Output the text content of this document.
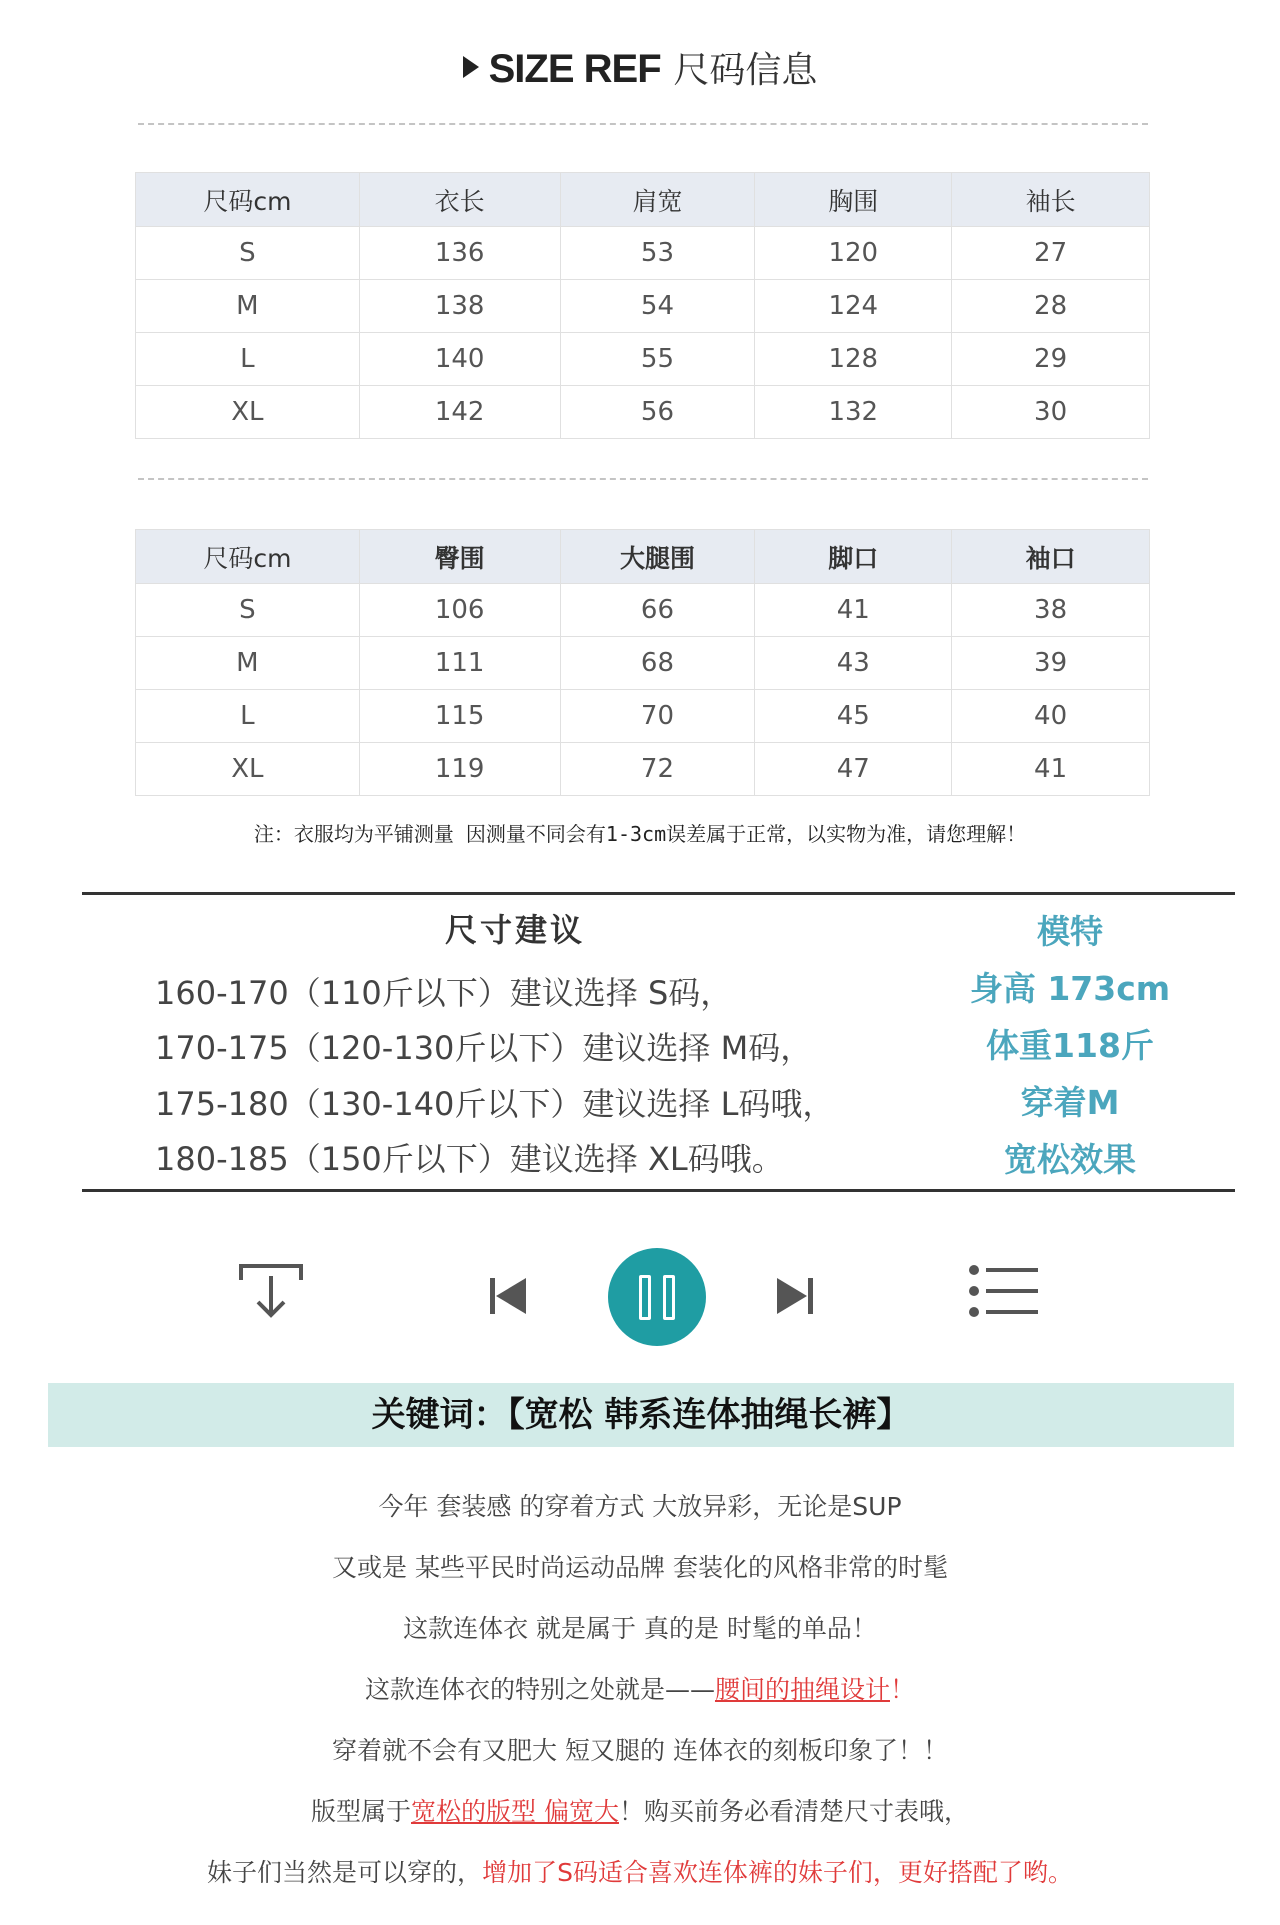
SIZE REF 尺码信息
尺码cm	衣长	肩宽	胸围	袖长
S	136	53	120	27
M	138	54	124	28
L	140	55	128	29
XL	142	56	132	30
尺码cm	臀围	大腿围	脚口	袖口
S	106	66	41	38
M	111	68	43	39
L	115	70	45	40
XL	119	72	47	41
注：衣服均为平铺测量 因测量不同会有1-3cm误差属于正常，以实物为准，请您理解！
尺寸建议
160-170（110斤以下）建议选择 S码，
170-175（120-130斤以下）建议选择 M码，
175-180（130-140斤以下）建议选择 L码哦，
180-185（150斤以下）建议选择 XL码哦。
模特
身高 173cm
体重118斤
穿着M
宽松效果
关键词：【宽松 韩系连体抽绳长裤】
今年 套装感 的穿着方式 大放异彩，无论是SUP
又或是 某些平民时尚运动品牌 套装化的风格非常的时髦
这款连体衣 就是属于 真的是 时髦的单品！
这款连体衣的特别之处就是——腰间的抽绳设计！
穿着就不会有又肥大 短又腿的 连体衣的刻板印象了！！
版型属于宽松的版型 偏宽大！购买前务必看清楚尺寸表哦，
妹子们当然是可以穿的，增加了S码适合喜欢连体裤的妹子们，更好搭配了哟。
